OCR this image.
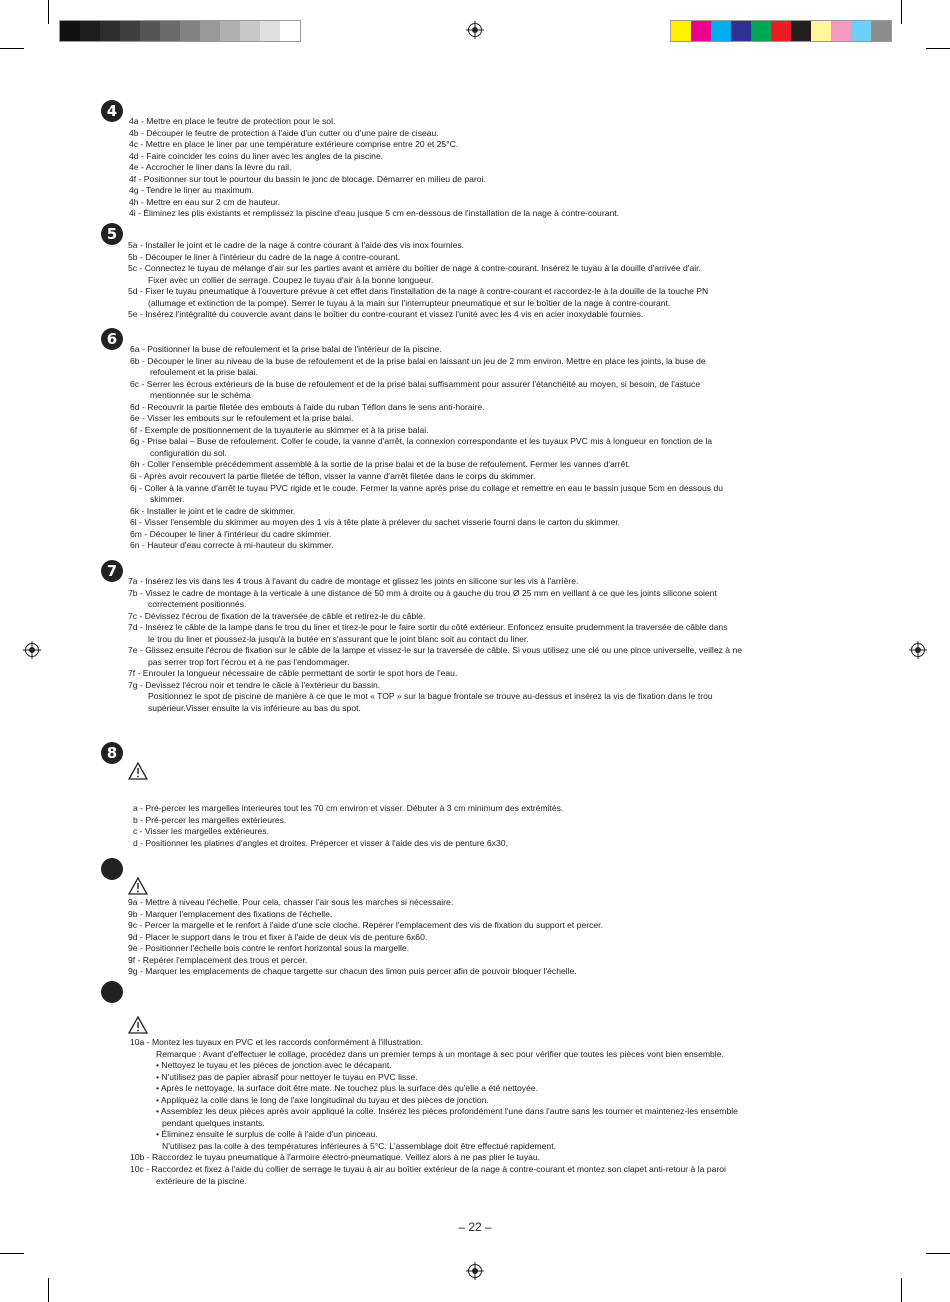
4
4a - Mettre en place le feutre de protection pour le sol.
4b - Découper le feutre de protection à l'aide d'un cutter ou d'une paire de ciseau.
4c - Mettre en place le liner par une température extérieure comprise entre 20 et 25°C.
4d - Faire coincider les coins du liner avec les angles de la piscine.
4e - Accrocher le liner dans la lèvre du rail.
4f - Positionner sur tout le pourtour du bassin le jonc de blocage. Démarrer en milieu de paroi.
4g - Tendre le liner au maximum.
4h - Mettre en eau sur 2 cm de hauteur.
4i - Éliminez les plis existants et remplissez la piscine d'eau jusque 5 cm en-dessous de l'installation de la nage à contre-courant.
5
5a - Installer le joint et le cadre de la nage à contre courant à l'aide des vis inox fournies.
5b - Découper le liner à l'intérieur du cadre de la nage à contre-courant.
5c - Connectez le tuyau de mélange d'air sur les parties avant et arrière du boîtier de nage à contre-courant. Insérez le tuyau à la douille d'arrivée d'air.
Fixer avec un collier de serrage. Coupez le tuyau d'air à la bonne longueur.
5d - Fixer le tuyau pneumatique à l'ouverture prévue à cet effet dans l'installation de la nage à contre-courant et raccordez-le à la douille de la touche PN
(allumage et extinction de la pompe). Serrer le tuyau à la main sur l'interrupteur pneumatique et sur le boîtier de la nage à contre-courant.
5e - Insérez l'intégralité du couvercle avant dans le boîtier du contre-courant et vissez l'unité avec les 4 vis en acier inoxydable fournies.
6
6a - Positionner la buse de refoulement et la prise balai de l'intérieur de la piscine.
6b - Découper le liner au niveau de la buse de refoulement et de la prise balai en laissant un jeu de 2 mm environ. Mettre en place les joints, la buse de
refoulement et la prise balai.
6c - Serrer les écrous extérieurs de la buse de refoulement et de la prise balai suffisamment pour assurer l'étanchéité au moyen, si besoin, de l'astuce
mentionnée sur le schéma
6d - Recouvrir la partie filetée des embouts à l'aide du ruban Téflon dans le sens anti-horaire.
6e - Visser les embouts sur le refoulement et la prise balai.
6f - Exemple de positionnement de la tuyauterie au skimmer et à la prise balai.
6g - Prise balai – Buse de refoulement. Coller le coude, la vanne d'arrêt, la connexion correspondante et les tuyaux PVC mis à longueur en fonction de la
configuration du sol.
6h - Coller l'ensemble précédemment assemblé à la sortie de la prise balai et de la buse de refoulement. Fermer les vannes d'arrêt.
6i - Après avoir recouvert la partie filetée de téflon, visser la vanne d'arrêt filetée dans le corps du skimmer.
6j - Coller à la vanne d'arrêt le tuyau PVC rigide et le coude. Fermer la vanne après prise du collage et remettre en eau le bassin jusque 5cm en dessous du
skimmer.
6k - Installer le joint et le cadre de skimmer.
6l - Visser l'ensemble du skimmer au moyen des 1 vis à tête plate à prélever du sachet visserie fourni dans le carton du skimmer.
6m - Découper le liner à l'intérieur du cadre skimmer.
6n - Hauteur d'eau correcte à mi-hauteur du skimmer.
7
7a - Insérez les vis dans les 4 trous à l'avant du cadre de montage et glissez les joints en silicone sur les vis à l'arrière.
7b - Vissez le cadre de montage à la verticale à une distance de 50 mm à droite ou à gauche du trou Ø 25 mm en veillant à ce que les joints silicone soient
correctement positionnés.
7c - Dévissez l'écrou de fixation de la traversée de câble et retirez-le du câble.
7d - Insérez le câble de la lampe dans le trou du liner et tirez-le pour le faire sortir du côté extérieur. Enfoncez ensuite prudemment la traversée de câble dans
le trou du liner et poussez-la jusqu'à la butée en s'assurant que le joint blanc soit au contact du liner.
7e - Glissez ensuite l'écrou de fixation sur le câble de la lampe et vissez-le sur la traversée de câble. Si vous utilisez une clé ou une pince universelle, veillez à ne
pas serrer trop fort l'écrou et à ne pas l'endommager.
7f - Enrouler la longueur nécessaire de câble permettant de sortir le spot hors de l'eau.
7g - Devissez l'écrou noir et tendre le câcle à l'extérieur du bassin.
Positionnez le spot de piscine de manière à ce que le mot « TOP » sur la bague frontale se trouve au-dessus et insérez la vis de fixation dans le trou
supérieur.Visser ensuite la vis inférieure au bas du spot.
8
a - Pré-percer les margelles interieures tout les 70 cm environ et visser. Débuter à 3 cm minimum des extrémités.
b - Pré-percer les margelles extérieures.
c - Visser les margelles extérieures.
d - Positionner les platines d'angles et droites. Prépercer et visser à l'aide des vis de penture 6x30.
9a - Mettre à niveau l'échelle. Pour cela, chasser l'air sous les marches si nécessaire.
9b - Marquer l'emplacement des fixations de l'échelle.
9c - Percer la margelle et le renfort à l'aide d'une scie cloche. Repérer l'emplacement des vis de fixation du support et percer.
9d - Placer le support dans le trou et fixer à l'aide de deux vis de penture 6x60.
9e - Positionner l'échelle bois contre le renfort horizontal sous la margelle.
9f - Repérer l'emplacement des trous et percer.
9g - Marquer les emplacements de chaque targette sur chacun des limon puis percer afin de pouvoir bloquer l'échelle.
10a - Montez les tuyaux en PVC et les raccords conformément à l'illustration.
Remarque : Avant d'effectuer le collage, procédez dans un premier temps à un montage à sec pour vérifier que toutes les pièces vont bien ensemble.
• Nettoyez le tuyau et les pièces de jonction avec le décapant.
• N'utilisez pas de papier abrasif pour nettoyer le tuyau en PVC lisse.
• Après le nettoyage, la surface doit être mate. Ne touchez plus la surface dès qu'elle a été nettoyée.
• Appliquez la colle dans le long de l'axe longitudinal du tuyau et des pièces de jonction.
• Assemblez les deux pièces après avoir appliqué la colle. Insérez les pièces profondément l'une dans l'autre sans les tourner et maintenez-les ensemble
pendant quelques instants.
• Éliminez ensuite le surplus de colle à l'aide d'un pinceau.
N'utilisez pas la colle à des températures inférieures à 5°C. L'assemblage doit être effectué rapidement.
10b - Raccordez le tuyau pneumatique à l'armoire électro-pneumatique. Veillez alors à ne pas plier le tuyau.
10c - Raccordez et fixez à l'aide du collier de serrage le tuyau à air au boîtier extérieur de la nage à contre-courant et montez son clapet anti-retour à la paroi
extérieure de la piscine.
– 22 –
